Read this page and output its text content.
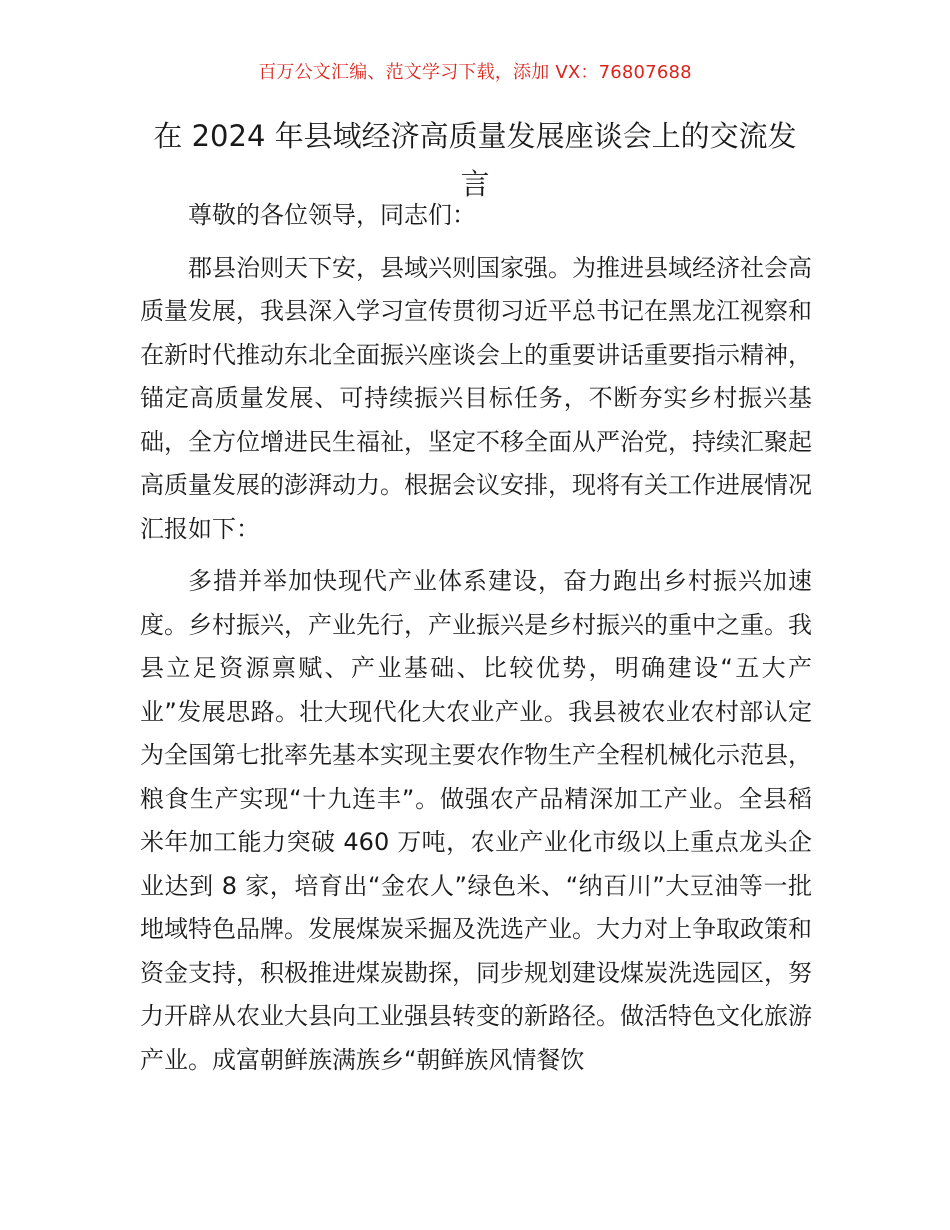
百万公文汇编、范文学习下载，添加 VX：76807688
在 2024 年县域经济高质量发展座谈会上的交流发言

尊敬的各位领导，同志们：

郡县治则天下安，县域兴则国家强。为推进县域经济社会高质量发展，我县深入学习宣传贯彻习近平总书记在黑龙江视察和在新时代推动东北全面振兴座谈会上的重要讲话重要指示精神，锚定高质量发展、可持续振兴目标任务，不断夯实乡村振兴基础，全方位增进民生福祉，坚定不移全面从严治党，持续汇聚起高质量发展的澎湃动力。根据会议安排，现将有关工作进展情况汇报如下：

多措并举加快现代产业体系建设，奋力跑出乡村振兴加速度。乡村振兴，产业先行，产业振兴是乡村振兴的重中之重。我县立足资源禀赋、产业基础、比较优势，明确建设“五大产业”发展思路。壮大现代化大农业产业。我县被农业农村部认定为全国第七批率先基本实现主要农作物生产全程机械化示范县，粮食生产实现“十九连丰”。做强农产品精深加工产业。全县稻米年加工能力突破 460 万吨，农业产业化市级以上重点龙头企业达到 8 家，培育出“金农人”绿色米、“纳百川”大豆油等一批地域特色品牌。发展煤炭采掘及洗选产业。大力对上争取政策和资金支持，积极推进煤炭勘探，同步规划建设煤炭洗选园区，努力开辟从农业大县向工业强县转变的新路径。做活特色文化旅游产业。成富朝鲜族满族乡“朝鲜族风情餐饮
